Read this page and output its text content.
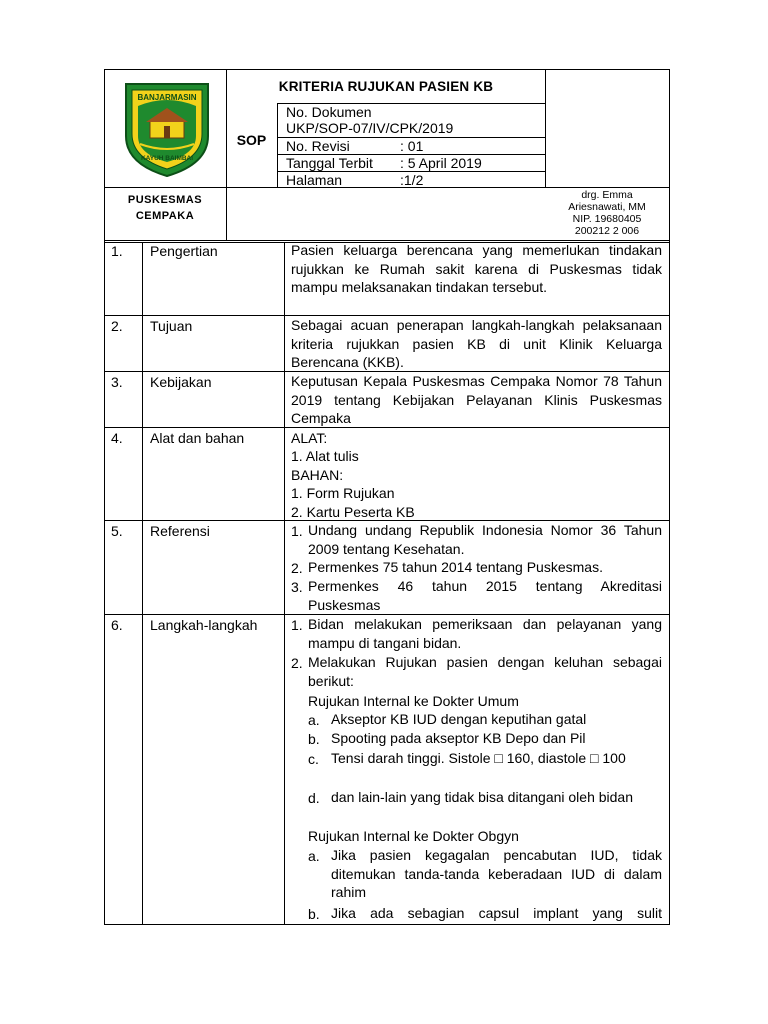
BANJARMASIN
KAYUH BAIMBAI
KRITERIA RUJUKAN PASIEN KB
SOP
No. Dokumen
UKP/SOP-07/IV/CPK/2019
No. Revisi	: 01
Tanggal Terbit : 5 April 2019
Halaman	:1/2
PUSKESMAS
CEMPAKA
drg. Emma
Ariesnawati, MM
NIP. 19680405
200212 2 006
1. Pengertian	Pasien keluarga berencana yang memerlukan tindakan rujukkan ke Rumah sakit karena di Puskesmas tidak mampu melaksanakan tindakan tersebut.
2. Tujuan	Sebagai acuan penerapan langkah-langkah pelaksanaan kriteria rujukkan pasien KB di unit Klinik Keluarga Berencana (KKB).
3. Kebijakan	Keputusan Kepala Puskesmas Cempaka Nomor 78 Tahun 2019 tentang Kebijakan Pelayanan Klinis Puskesmas Cempaka
4. Alat dan bahan	ALAT:
1. Alat tulis
BAHAN:
1. Form Rujukan
2. Kartu Peserta KB
5. Referensi	1. Undang undang Republik Indonesia Nomor 36 Tahun 2009 tentang Kesehatan.
2. Permenkes 75 tahun 2014 tentang Puskesmas.
3. Permenkes 46 tahun 2015 tentang Akreditasi Puskesmas
6. Langkah-langkah 1. Bidan melakukan pemeriksaan dan pelayanan yang mampu di tangani bidan.
2. Melakukan Rujukan pasien dengan keluhan sebagai berikut:
Rujukan Internal ke Dokter Umum
a. Akseptor KB IUD dengan keputihan gatal
b. Spooting pada akseptor KB Depo dan Pil
c. Tensi darah tinggi. Sistole □ 160, diastole □ 100
d. dan lain-lain yang tidak bisa ditangani oleh bidan
Rujukan Internal ke Dokter Obgyn
a. Jika pasien kegagalan pencabutan IUD, tidak ditemukan tanda-tanda keberadaan IUD di dalam rahim
b. Jika ada sebagian capsul implant yang sulit
